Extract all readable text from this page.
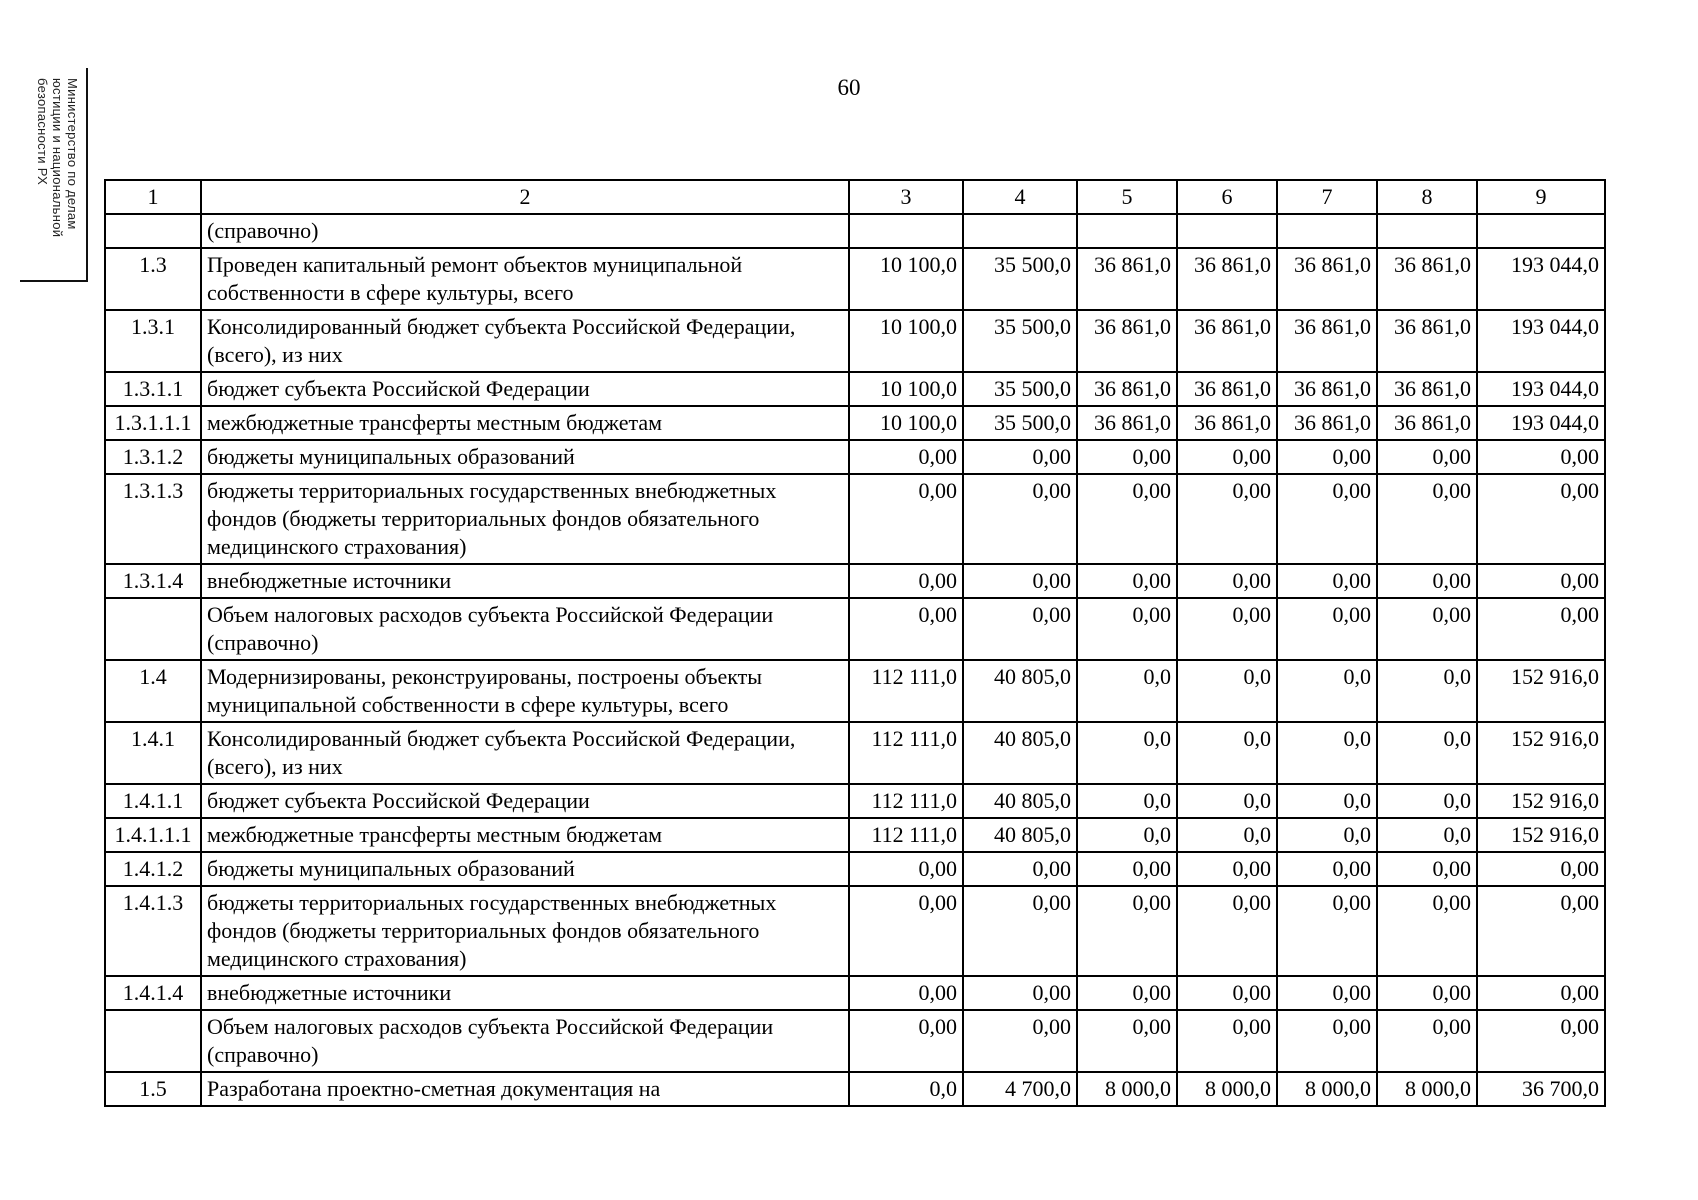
60
Министерство по делам
юстиции и национальной
безопасности РХ
1	2	3	4	5	6	7	8	9
	(справочно)							
1.3	Проведен капитальный ремонт объектов муниципальной собственности в сфере культуры, всего	10 100,0	35 500,0	36 861,0	36 861,0	36 861,0	36 861,0	193 044,0
1.3.1	Консолидированный бюджет субъекта Российской Федерации, (всего), из них	10 100,0	35 500,0	36 861,0	36 861,0	36 861,0	36 861,0	193 044,0
1.3.1.1	бюджет субъекта Российской Федерации	10 100,0	35 500,0	36 861,0	36 861,0	36 861,0	36 861,0	193 044,0
1.3.1.1.1	межбюджетные трансферты местным бюджетам	10 100,0	35 500,0	36 861,0	36 861,0	36 861,0	36 861,0	193 044,0
1.3.1.2	бюджеты муниципальных образований	0,00	0,00	0,00	0,00	0,00	0,00	0,00
1.3.1.3	бюджеты территориальных государственных внебюджетных фондов (бюджеты территориальных фондов обязательного медицинского страхования)	0,00	0,00	0,00	0,00	0,00	0,00	0,00
1.3.1.4	внебюджетные источники	0,00	0,00	0,00	0,00	0,00	0,00	0,00
	Объем налоговых расходов субъекта Российской Федерации (справочно)	0,00	0,00	0,00	0,00	0,00	0,00	0,00
1.4	Модернизированы, реконструированы, построены объекты муниципальной собственности в сфере культуры, всего	112 111,0	40 805,0	0,0	0,0	0,0	0,0	152 916,0
1.4.1	Консолидированный бюджет субъекта Российской Федерации, (всего), из них	112 111,0	40 805,0	0,0	0,0	0,0	0,0	152 916,0
1.4.1.1	бюджет субъекта Российской Федерации	112 111,0	40 805,0	0,0	0,0	0,0	0,0	152 916,0
1.4.1.1.1	межбюджетные трансферты местным бюджетам	112 111,0	40 805,0	0,0	0,0	0,0	0,0	152 916,0
1.4.1.2	бюджеты муниципальных образований	0,00	0,00	0,00	0,00	0,00	0,00	0,00
1.4.1.3	бюджеты территориальных государственных внебюджетных фондов (бюджеты территориальных фондов обязательного медицинского страхования)	0,00	0,00	0,00	0,00	0,00	0,00	0,00
1.4.1.4	внебюджетные источники	0,00	0,00	0,00	0,00	0,00	0,00	0,00
	Объем налоговых расходов субъекта Российской Федерации (справочно)	0,00	0,00	0,00	0,00	0,00	0,00	0,00
1.5	Разработана проектно-сметная документация на	0,0	4 700,0	8 000,0	8 000,0	8 000,0	8 000,0	36 700,0
